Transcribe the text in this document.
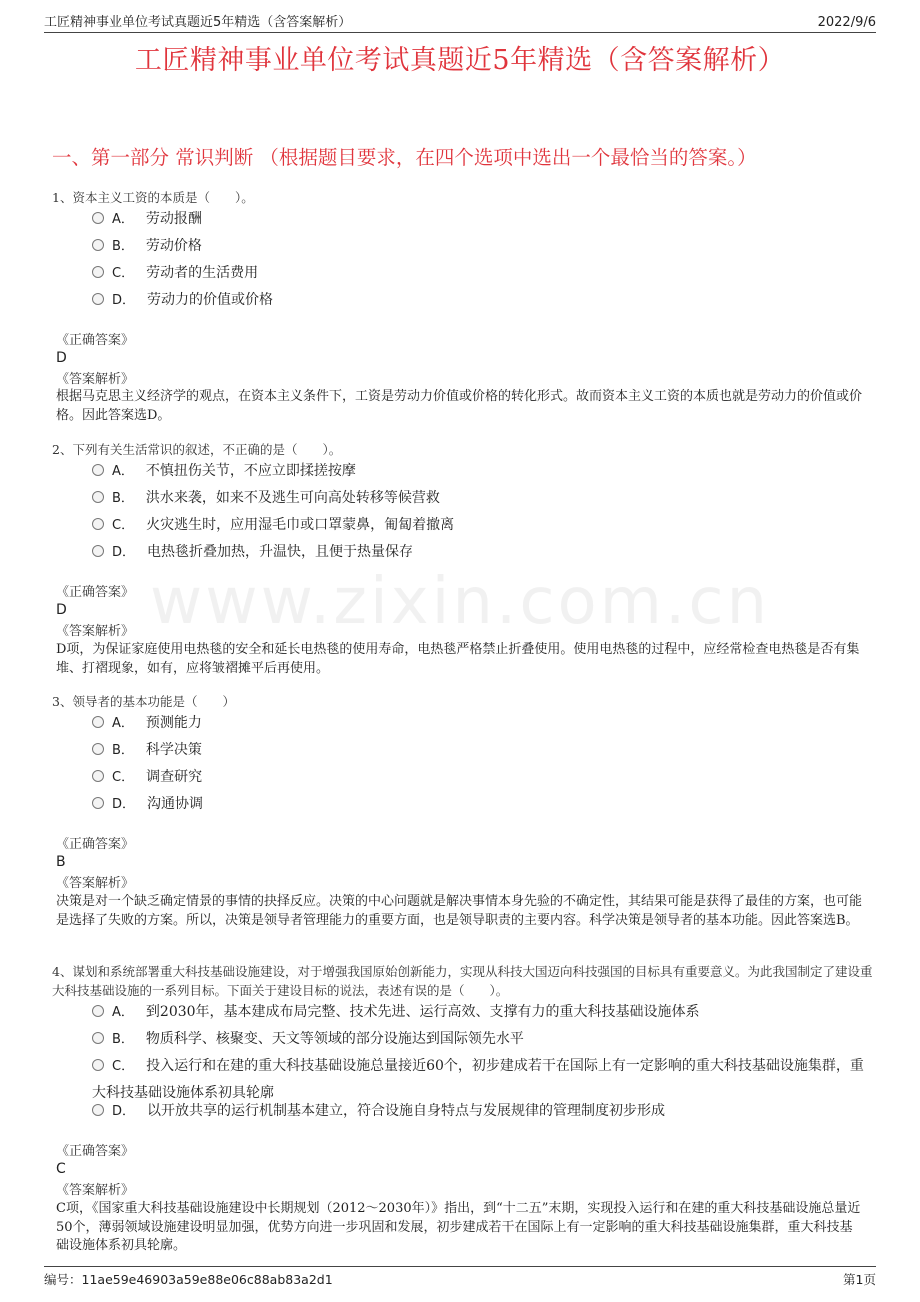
工匠精神事业单位考试真题近5年精选（含答案解析）	2022/9/6
工匠精神事业单位考试真题近5年精选（含答案解析）
一、第一部分 常识判断 （根据题目要求，在四个选项中选出一个最恰当的答案。）
www.zixin.com.cn
1、资本主义工资的本质是（　　）。
A． 劳动报酬
B． 劳动价格
C． 劳动者的生活费用
D． 劳动力的价值或价格
《正确答案》
D
《答案解析》
根据马克思主义经济学的观点，在资本主义条件下，工资是劳动力价值或价格的转化形式。故而资本主义工资的本质也就是劳动力的价值或价格。因此答案选D。
2、下列有关生活常识的叙述，不正确的是（　　）。
A． 不慎扭伤关节，不应立即揉搓按摩
B． 洪水来袭，如来不及逃生可向高处转移等候营救
C． 火灾逃生时，应用湿毛巾或口罩蒙鼻，匍匐着撤离
D． 电热毯折叠加热，升温快，且便于热量保存
《正确答案》
D
《答案解析》
D项，为保证家庭使用电热毯的安全和延长电热毯的使用寿命，电热毯严格禁止折叠使用。使用电热毯的过程中，应经常检查电热毯是否有集堆、打褶现象，如有，应将皱褶摊平后再使用。
3、领导者的基本功能是（　　）
A． 预测能力
B． 科学决策
C． 调查研究
D． 沟通协调
《正确答案》
B
《答案解析》
决策是对一个缺乏确定情景的事情的抉择反应。决策的中心问题就是解决事情本身先验的不确定性，其结果可能是获得了最佳的方案，也可能是选择了失败的方案。所以，决策是领导者管理能力的重要方面，也是领导职责的主要内容。科学决策是领导者的基本功能。因此答案选B。
4、谋划和系统部署重大科技基础设施建设，对于增强我国原始创新能力，实现从科技大国迈向科技强国的目标具有重要意义。为此我国制定了建设重大科技基础设施的一系列目标。下面关于建设目标的说法，表述有误的是（　　）。
A． 到2030年，基本建成布局完整、技术先进、运行高效、支撑有力的重大科技基础设施体系
B． 物质科学、核聚变、天文等领域的部分设施达到国际领先水平
C． 投入运行和在建的重大科技基础设施总量接近60个，初步建成若干在国际上有一定影响的重大科技基础设施集群，重大科技基础设施体系初具轮廓
D． 以开放共享的运行机制基本建立，符合设施自身特点与发展规律的管理制度初步形成
《正确答案》
C
《答案解析》
C项，《国家重大科技基础设施建设中长期规划（2012～2030年）》指出，到“十二五”末期，实现投入运行和在建的重大科技基础设施总量近50个，薄弱领域设施建设明显加强，优势方向进一步巩固和发展，初步建成若干在国际上有一定影响的重大科技基础设施集群，重大科技基础设施体系初具轮廓。
编号：11ae59e46903a59e88e06c88ab83a2d1	第1页
